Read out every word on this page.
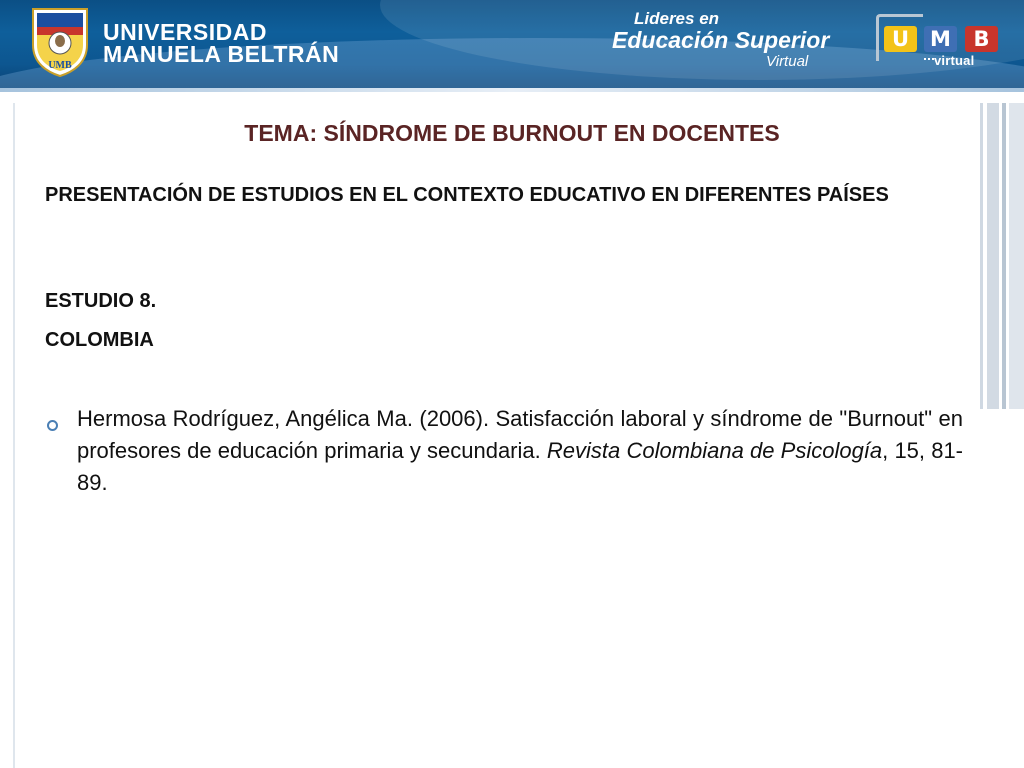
UMB
UNIVERSIDAD
MANUELA BELTRÁN
Lideres en
Educación Superior
Virtual
U	M	B
virtual
TEMA: SÍNDROME DE BURNOUT EN DOCENTES
PRESENTACIÓN DE ESTUDIOS EN EL CONTEXTO EDUCATIVO EN DIFERENTES PAÍSES
ESTUDIO 8.
COLOMBIA
Hermosa Rodríguez, Angélica Ma. (2006). Satisfacción laboral y síndrome de "Burnout" en profesores de educación primaria y secundaria. Revista Colombiana de Psicología, 15, 81-89.
